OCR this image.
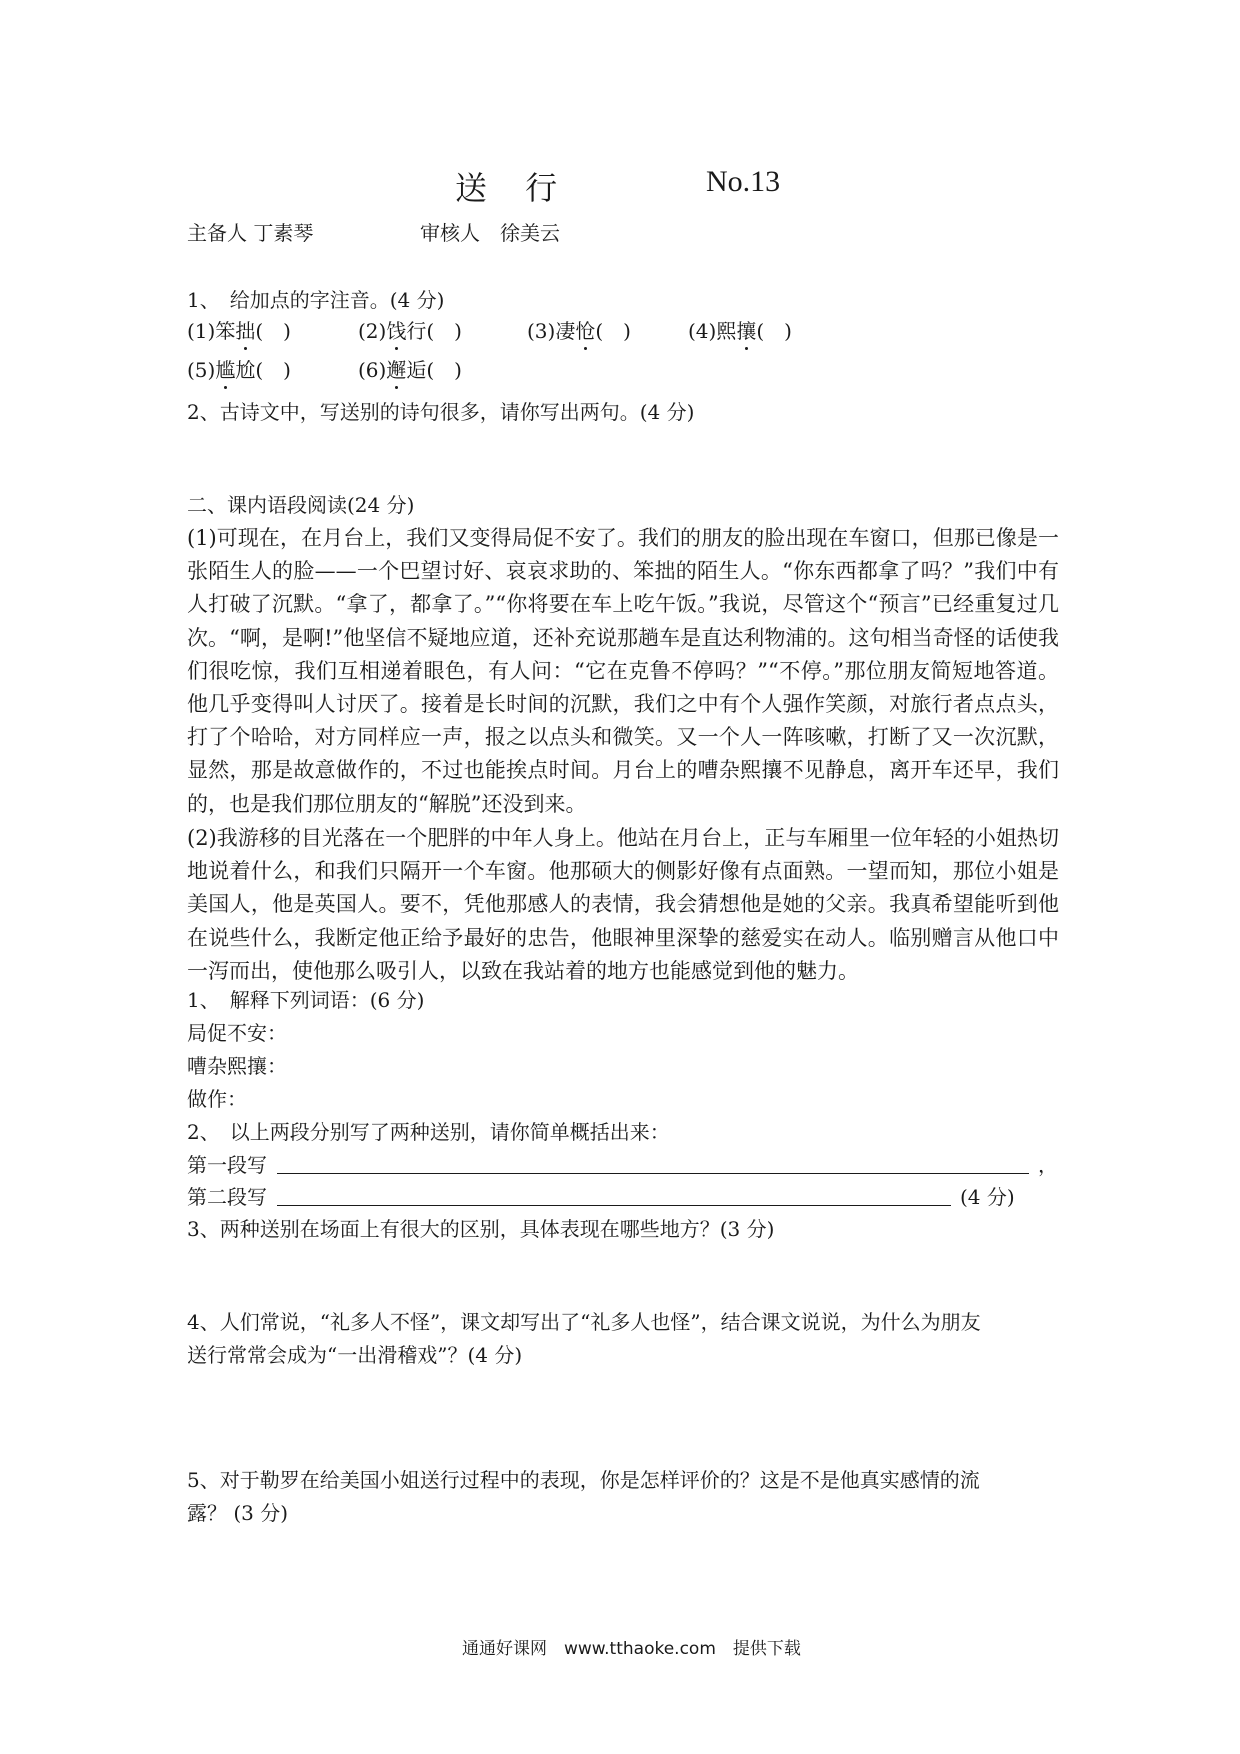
送 行	No.13
主备人 丁素琴	审核人　徐美云
1、　给加点的字注音。(4 分)
(1)笨拙(　)	(2)饯行(　)	(3)凄怆(　)	(4)熙攘(　)
(5)尴尬(　)	(6)邂逅(　)
2、古诗文中，写送别的诗句很多，请你写出两句。(4 分)
二、课内语段阅读(24 分)
(1)可现在，在月台上，我们又变得局促不安了。我们的朋友的脸出现在车窗口，但那已像是一张陌生人的脸——一个巴望讨好、哀哀求助的、笨拙的陌生人。“你东西都拿了吗？”我们中有人打破了沉默。“拿了，都拿了。”“你将要在车上吃午饭。”我说，尽管这个“预言”已经重复过几次。“啊，是啊!”他坚信不疑地应道，还补充说那趟车是直达利物浦的。这句相当奇怪的话使我们很吃惊，我们互相递着眼色，有人问：“它在克鲁不停吗？”“不停。”那位朋友简短地答道。他几乎变得叫人讨厌了。接着是长时间的沉默，我们之中有个人强作笑颜，对旅行者点点头，打了个哈哈，对方同样应一声，报之以点头和微笑。又一个人一阵咳嗽，打断了又一次沉默，显然，那是故意做作的，不过也能挨点时间。月台上的嘈杂熙攘不见静息，离开车还早，我们的，也是我们那位朋友的“解脱”还没到来。
(2)我游移的目光落在一个肥胖的中年人身上。他站在月台上，正与车厢里一位年轻的小姐热切地说着什么，和我们只隔开一个车窗。他那硕大的侧影好像有点面熟。一望而知，那位小姐是美国人，他是英国人。要不，凭他那感人的表情，我会猜想他是她的父亲。我真希望能听到他在说些什么，我断定他正给予最好的忠告，他眼神里深挚的慈爱实在动人。临别赠言从他口中一泻而出，使他那么吸引人，以致在我站着的地方也能感觉到他的魅力。
1、　解释下列词语：(6 分)
局促不安：
嘈杂熙攘：
做作：
2、　以上两段分别写了两种送别，请你简单概括出来：
第一段写	，
第二段写	(4 分)
3、两种送别在场面上有很大的区别，具体表现在哪些地方？(3 分)
4、人们常说，“礼多人不怪”，课文却写出了“礼多人也怪”，结合课文说说，为什么为朋友
送行常常会成为“一出滑稽戏”？(4 分)
5、对于勒罗在给美国小姐送行过程中的表现，你是怎样评价的？这是不是他真实感情的流
露？ (3 分)
通通好课网　www.tthaoke.com　提供下载
